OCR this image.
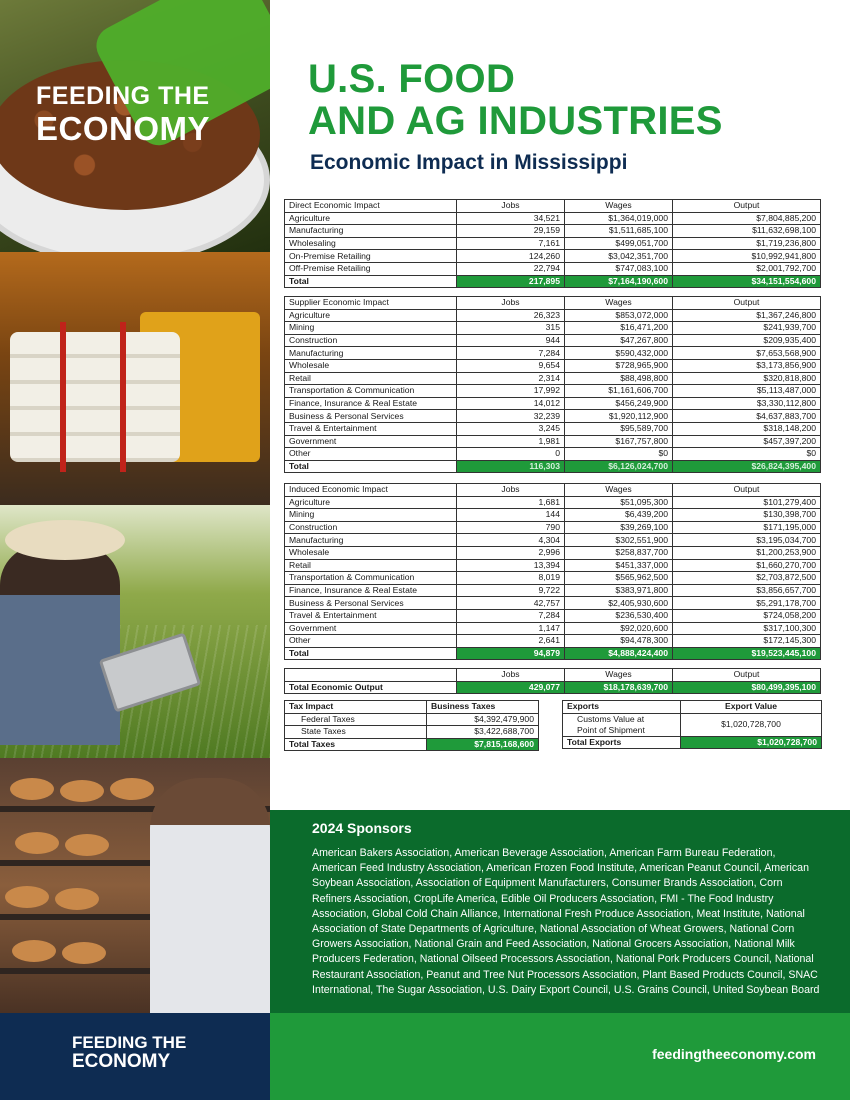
FEEDING THE
ECONOMY
U.S. FOOD
AND AG INDUSTRIES
Economic Impact in Mississippi
Direct Economic Impact	Jobs	Wages	Output
Agriculture	34,521	$1,364,019,000	$7,804,885,200
Manufacturing	29,159	$1,511,685,100	$11,632,698,100
Wholesaling	7,161	$499,051,700	$1,719,236,800
On-Premise Retailing	124,260	$3,042,351,700	$10,992,941,800
Off-Premise Retailing	22,794	$747,083,100	$2,001,792,700
Total	217,895	$7,164,190,600	$34,151,554,600
Supplier Economic Impact	Jobs	Wages	Output
Agriculture	26,323	$853,072,000	$1,367,246,800
Mining	315	$16,471,200	$241,939,700
Construction	944	$47,267,800	$209,935,400
Manufacturing	7,284	$590,432,000	$7,653,568,900
Wholesale	9,654	$728,965,900	$3,173,856,900
Retail	2,314	$88,498,800	$320,818,800
Transportation & Communication	17,992	$1,161,606,700	$5,113,487,000
Finance, Insurance & Real Estate	14,012	$456,249,900	$3,330,112,800
Business & Personal Services	32,239	$1,920,112,900	$4,637,883,700
Travel & Entertainment	3,245	$95,589,700	$318,148,200
Government	1,981	$167,757,800	$457,397,200
Other	0	$0	$0
Total	116,303	$6,126,024,700	$26,824,395,400
Induced Economic Impact	Jobs	Wages	Output
Agriculture	1,681	$51,095,300	$101,279,400
Mining	144	$6,439,200	$130,398,700
Construction	790	$39,269,100	$171,195,000
Manufacturing	4,304	$302,551,900	$3,195,034,700
Wholesale	2,996	$258,837,700	$1,200,253,900
Retail	13,394	$451,337,000	$1,660,270,700
Transportation & Communication	8,019	$565,962,500	$2,703,872,500
Finance, Insurance & Real Estate	9,722	$383,971,800	$3,856,657,700
Business & Personal Services	42,757	$2,405,930,600	$5,291,178,700
Travel & Entertainment	7,284	$236,530,400	$724,058,200
Government	1,147	$92,020,600	$317,100,300
Other	2,641	$94,478,300	$172,145,300
Total	94,879	$4,888,424,400	$19,523,445,100
	Jobs	Wages	Output
Total Economic Output	429,077	$18,178,639,700	$80,499,395,100
Tax Impact	Business Taxes
Federal Taxes	$4,392,479,900
State Taxes	$3,422,688,700
Total Taxes	$7,815,168,600
Exports	Export Value

Customs Value at
Point of Shipment	$1,020,728,700
Total Exports	$1,020,728,700
2024 Sponsors

American Bakers Association, American Beverage Association, American Farm Bureau Federation, American Feed Industry Association, American Frozen Food Institute, American Peanut Council, American Soybean Association, Association of Equipment Manufacturers, Consumer Brands Association, Corn Refiners Association, CropLife America, Edible Oil Producers Association, FMI - The Food Industry Association, Global Cold Chain Alliance, International Fresh Produce Association, Meat Institute, National Association of State Departments of Agriculture, National Association of Wheat Growers, National Corn Growers Association, National Grain and Feed Association, National Grocers Association, National Milk Producers Federation, National Oilseed Processors Association, National Pork Producers Council, National Restaurant Association, Peanut and Tree Nut Processors Association, Plant Based Products Council, SNAC International, The Sugar Association, U.S. Dairy Export Council, U.S. Grains Council, United Soybean Board

FEEDING THE
ECONOMY	feedingtheeconomy.com
